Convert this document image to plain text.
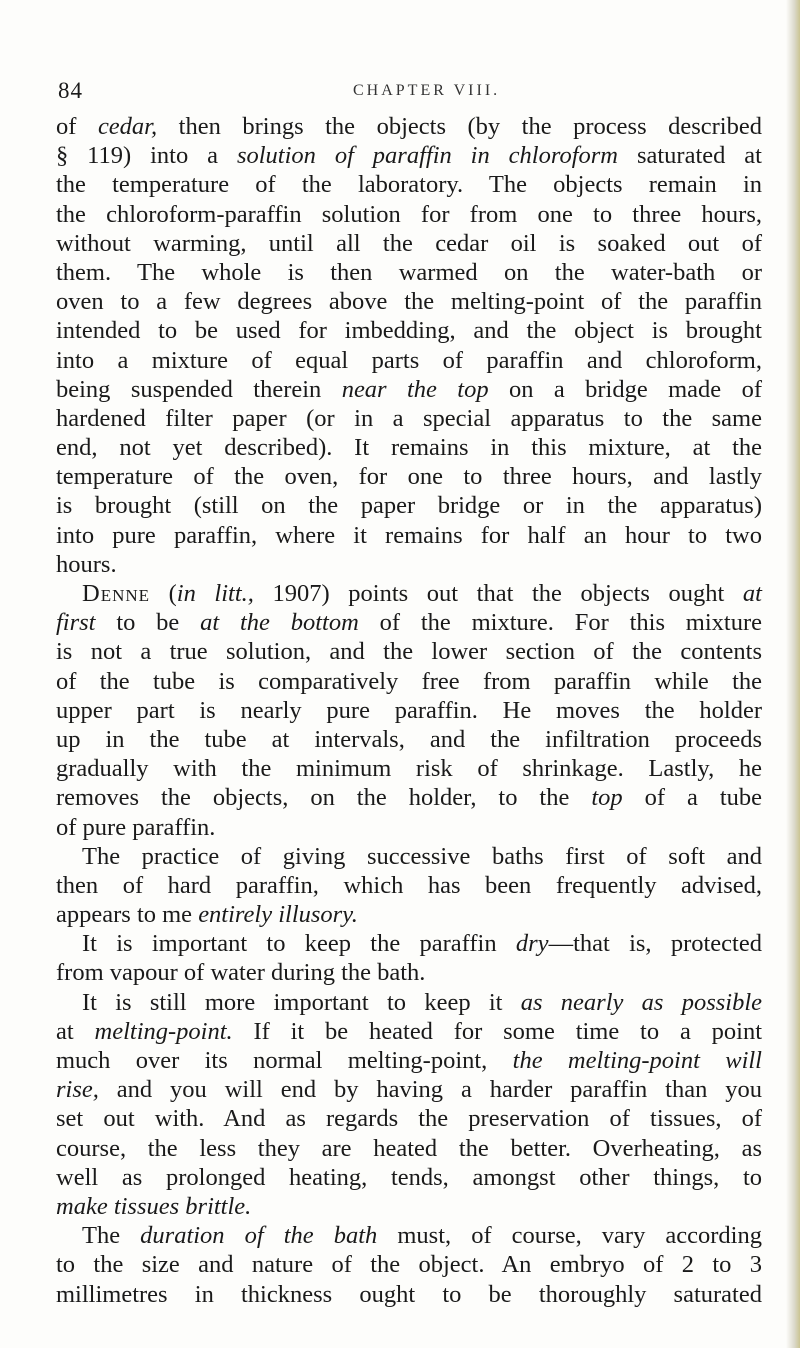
84	CHAPTER VIII.
of cedar, then brings the objects (by the process described
§ 119) into a solution of paraffin in chloroform saturated at
the temperature of the laboratory. The objects remain in
the chloroform-paraffin solution for from one to three hours,
without warming, until all the cedar oil is soaked out of
them. The whole is then warmed on the water-bath or
oven to a few degrees above the melting-point of the paraffin
intended to be used for imbedding, and the object is brought
into a mixture of equal parts of paraffin and chloroform,
being suspended therein near the top on a bridge made of
hardened filter paper (or in a special apparatus to the same
end, not yet described). It remains in this mixture, at the
temperature of the oven, for one to three hours, and lastly
is brought (still on the paper bridge or in the apparatus)
into pure paraffin, where it remains for half an hour to two
hours.
Denne (in litt., 1907) points out that the objects ought at
first to be at the bottom of the mixture. For this mixture
is not a true solution, and the lower section of the contents
of the tube is comparatively free from paraffin while the
upper part is nearly pure paraffin. He moves the holder
up in the tube at intervals, and the infiltration proceeds
gradually with the minimum risk of shrinkage. Lastly, he
removes the objects, on the holder, to the top of a tube
of pure paraffin.
The practice of giving successive baths first of soft and
then of hard paraffin, which has been frequently advised,
appears to me entirely illusory.
It is important to keep the paraffin dry—that is, protected
from vapour of water during the bath.
It is still more important to keep it as nearly as possible
at melting-point. If it be heated for some time to a point
much over its normal melting-point, the melting-point will
rise, and you will end by having a harder paraffin than you
set out with. And as regards the preservation of tissues, of
course, the less they are heated the better. Overheating, as
well as prolonged heating, tends, amongst other things, to
make tissues brittle.
The duration of the bath must, of course, vary according
to the size and nature of the object. An embryo of 2 to 3
millimetres in thickness ought to be thoroughly saturated
